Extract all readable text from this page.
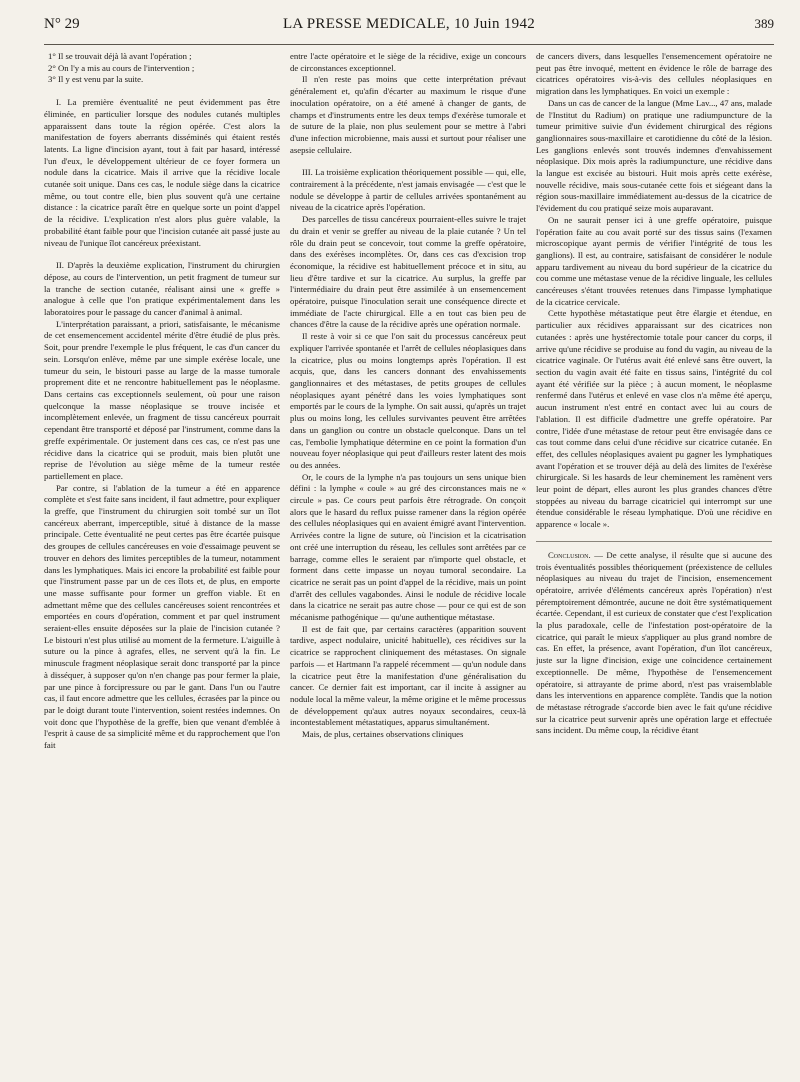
N° 29	LA PRESSE MEDICALE, 10 Juin 1942	389

1° Il se trouvait déjà là avant l'opération ;

2° On l'y a mis au cours de l'intervention ;

3° Il y est venu par la suite.

I. La première éventualité ne peut évidemment pas être éliminée, en particulier lorsque des nodules cutanés multiples apparaissent dans toute la région opérée. C'est alors la manifestation de foyers aberrants disséminés qui étaient restés latents. La ligne d'incision ayant, tout à fait par hasard, intéressé l'un d'eux, le développement ultérieur de ce foyer formera un nodule dans la cicatrice. Mais il arrive que la récidive locale cutanée soit unique. Dans ces cas, le nodule siège dans la cicatrice même, ou tout contre elle, bien plus souvent qu'à une certaine distance : la cicatrice paraît être en quelque sorte un point d'appel de la récidive. L'explication n'est alors plus guère valable, la probabilité étant faible pour que l'incision cutanée ait passé juste au niveau de l'unique îlot cancéreux préexistant.

II. D'après la deuxième explication, l'instrument du chirurgien dépose, au cours de l'intervention, un petit fragment de tumeur sur la tranche de section cutanée, réalisant ainsi une « greffe » analogue à celle que l'on pratique expérimentalement dans les laboratoires pour le passage du cancer d'animal à animal.

L'interprétation paraissant, a priori, satisfaisante, le mécanisme de cet ensemencement accidentel mérite d'être étudié de plus près. Soit, pour prendre l'exemple le plus fréquent, le cas d'un cancer du sein. Lorsqu'on enlève, même par une simple exérèse locale, une tumeur du sein, le bistouri passe au large de la masse tumorale proprement dite et ne rencontre habituellement pas le néoplasme. Dans certains cas exceptionnels seulement, où pour une raison quelconque la masse néoplasique se trouve incisée et incomplètement enlevée, un fragment de tissu cancéreux pourrait cependant être transporté et déposé par l'instrument, comme dans la greffe expérimentale. Or justement dans ces cas, ce n'est pas une récidive dans la cicatrice qui se produit, mais bien plutôt une reprise de l'évolution au siège même de la tumeur restée partiellement en place.

Par contre, si l'ablation de la tumeur a été en apparence complète et s'est faite sans incident, il faut admettre, pour expliquer la greffe, que l'instrument du chirurgien soit tombé sur un îlot cancéreux aberrant, imperceptible, situé à distance de la masse principale. Cette éventualité ne peut certes pas être écartée puisque des groupes de cellules cancéreuses en voie d'essaimage peuvent se trouver en dehors des limites perceptibles de la tumeur, notamment dans les lymphatiques. Mais ici encore la probabilité est faible pour que l'instrument passe par un de ces îlots et, de plus, en emporte une masse suffisante pour former un greffon viable. Et en admettant même que des cellules cancéreuses soient rencontrées et emportées en cours d'opération, comment et par quel instrument seraient-elles ensuite déposées sur la plaie de l'incision cutanée ? Le bistouri n'est plus utilisé au moment de la fermeture. L'aiguille à suture ou la pince à agrafes, elles, ne servent qu'à la fin. Le minuscule fragment néoplasique serait donc transporté par la pince à disséquer, à supposer qu'on n'en change pas pour fermer la plaie, par une pince à forcipressure ou par le gant. Dans l'un ou l'autre cas, il faut encore admettre que les cellules, écrasées par la pince ou par le doigt durant toute l'intervention, soient restées indemnes. On voit donc que l'hypothèse de la greffe, bien que venant d'emblée à l'esprit à cause de sa simplicité même et du rapprochement que l'on fait

entre l'acte opératoire et le siège de la récidive, exige un concours de circonstances exceptionnel.

Il n'en reste pas moins que cette interprétation prévaut généralement et, qu'afin d'écarter au maximum le risque d'une inoculation opératoire, on a été amené à changer de gants, de champs et d'instruments entre les deux temps d'exérèse tumorale et de suture de la plaie, non plus seulement pour se mettre à l'abri d'une infection microbienne, mais aussi et surtout pour réaliser une asepsie cellulaire.

III. La troisième explication théoriquement possible — qui, elle, contrairement à la précédente, n'est jamais envisagée — c'est que le nodule se développe à partir de cellules arrivées spontanément au niveau de la cicatrice après l'opération.

Des parcelles de tissu cancéreux pourraient-elles suivre le trajet du drain et venir se greffer au niveau de la plaie cutanée ? Un tel rôle du drain peut se concevoir, tout comme la greffe opératoire, dans des exérèses incomplètes. Or, dans ces cas d'excision trop économique, la récidive est habituellement précoce et in situ, au lieu d'être tardive et sur la cicatrice. Au surplus, la greffe par l'intermédiaire du drain peut être assimilée à un ensemencement opératoire, puisque l'inoculation serait une conséquence directe et immédiate de l'acte chirurgical. Elle a en tout cas bien peu de chances d'être la cause de la récidive après une opération normale.

Il reste à voir si ce que l'on sait du processus cancéreux peut expliquer l'arrivée spontanée et l'arrêt de cellules néoplasiques dans la cicatrice, plus ou moins longtemps après l'opération. Il est acquis, que, dans les cancers donnant des envahissements ganglionnaires et des métastases, de petits groupes de cellules néoplasiques ayant pénétré dans les voies lymphatiques sont emportés par le cours de la lymphe. On sait aussi, qu'après un trajet plus ou moins long, les cellules survivantes peuvent être arrêtées dans un ganglion ou contre un obstacle quelconque. Dans un tel cas, l'embolie lymphatique détermine en ce point la formation d'un nouveau foyer néoplasique qui peut d'ailleurs rester latent des mois ou des années.

Or, le cours de la lymphe n'a pas toujours un sens unique bien défini : la lymphe « coule » au gré des circonstances mais ne « circule » pas. Ce cours peut parfois être rétrograde. On conçoit alors que le hasard du reflux puisse ramener dans la région opérée des cellules néoplasiques qui en avaient émigré avant l'intervention. Arrivées contre la ligne de suture, où l'incision et la cicatrisation ont créé une interruption du réseau, les cellules sont arrêtées par ce barrage, comme elles le seraient par n'importe quel obstacle, et forment dans cette impasse un noyau tumoral secondaire. La cicatrice ne serait pas un point d'appel de la récidive, mais un point d'arrêt des cellules vagabondes. Ainsi le nodule de récidive locale dans la cicatrice ne serait pas autre chose — pour ce qui est de son mécanisme pathogénique — qu'une authentique métastase.

Il est de fait que, par certains caractères (apparition souvent tardive, aspect nodulaire, unicité habituelle), ces récidives sur la cicatrice se rapprochent cliniquement des métastases. On signale parfois — et Hartmann l'a rappelé récemment — qu'un nodule dans la cicatrice peut être la manifestation d'une généralisation du cancer. Ce dernier fait est important, car il incite à assigner au nodule local la même valeur, la même origine et le même processus de développement qu'aux autres noyaux secondaires, ceux-là incontestablement métastatiques, apparus simultanément.

Mais, de plus, certaines observations cliniques

de cancers divers, dans lesquelles l'ensemencement opératoire ne peut pas être invoqué, mettent en évidence le rôle de barrage des cicatrices opératoires vis-à-vis des cellules néoplasiques en migration dans les lymphatiques. En voici un exemple :

Dans un cas de cancer de la langue (Mme Lav..., 47 ans, malade de l'Institut du Radium) on pratique une radiumpuncture de la tumeur primitive suivie d'un évidement chirurgical des régions ganglionnaires sous-maxillaire et carotidienne du côté de la lésion. Les ganglions enlevés sont trouvés indemnes d'envahissement néoplasique. Dix mois après la radiumpuncture, une récidive dans la langue est excisée au bistouri. Huit mois après cette exérèse, nouvelle récidive, mais sous-cutanée cette fois et siégeant dans la région sous-maxillaire immédiatement au-dessus de la cicatrice de l'évidement du cou pratiqué seize mois auparavant.

On ne saurait penser ici à une greffe opératoire, puisque l'opération faite au cou avait porté sur des tissus sains (l'examen microscopique ayant permis de vérifier l'intégrité de tous les ganglions). Il est, au contraire, satisfaisant de considérer le nodule apparu tardivement au niveau du bord supérieur de la cicatrice du cou comme une métastase venue de la récidive linguale, les cellules cancéreuses s'étant trouvées retenues dans l'impasse lymphatique de la cicatrice cervicale.

Cette hypothèse métastatique peut être élargie et étendue, en particulier aux récidives apparaissant sur des cicatrices non cutanées : après une hystérectomie totale pour cancer du corps, il arrive qu'une récidive se produise au fond du vagin, au niveau de la cicatrice vaginale. Or l'utérus avait été enlevé sans être ouvert, la section du vagin avait été faite en tissus sains, l'intégrité du col ayant été vérifiée sur la pièce ; à aucun moment, le néoplasme renfermé dans l'utérus et enlevé en vase clos n'a même été aperçu, aucun instrument n'est entré en contact avec lui au cours de l'ablation. Il est difficile d'admettre une greffe opératoire. Par contre, l'idée d'une métastase de retour peut être envisagée dans ce cas tout comme dans celui d'une récidive sur cicatrice cutanée. En effet, des cellules néoplasiques avaient pu gagner les lymphatiques avant l'opération et se trouver déjà au delà des limites de l'exérèse chirurgicale. Si les hasards de leur cheminement les ramènent vers leur point de départ, elles auront les plus grandes chances d'être stoppées au niveau du barrage cicatriciel qui interrompt sur une étendue considérable le réseau lymphatique. D'où une récidive en apparence « locale ».

Conclusion. — De cette analyse, il résulte que si aucune des trois éventualités possibles théoriquement (préexistence de cellules néoplasiques au niveau du trajet de l'incision, ensemencement opératoire, arrivée d'éléments cancéreux après l'opération) n'est péremptoirement démontrée, aucune ne doit être systématiquement écartée. Cependant, il est curieux de constater que c'est l'explication la plus paradoxale, celle de l'infestation post-opératoire de la cicatrice, qui paraît le mieux s'appliquer au plus grand nombre de cas. En effet, la présence, avant l'opération, d'un îlot cancéreux, juste sur la ligne d'incision, exige une coïncidence certainement exceptionnelle. De même, l'hypothèse de l'ensemencement opératoire, si attrayante de prime abord, n'est pas vraisemblable dans les interventions en apparence complète. Tandis que la notion de métastase rétrograde s'accorde bien avec le fait qu'une récidive sur la cicatrice peut survenir après une opération large et effectuée sans incident. Du même coup, la récidive étant
